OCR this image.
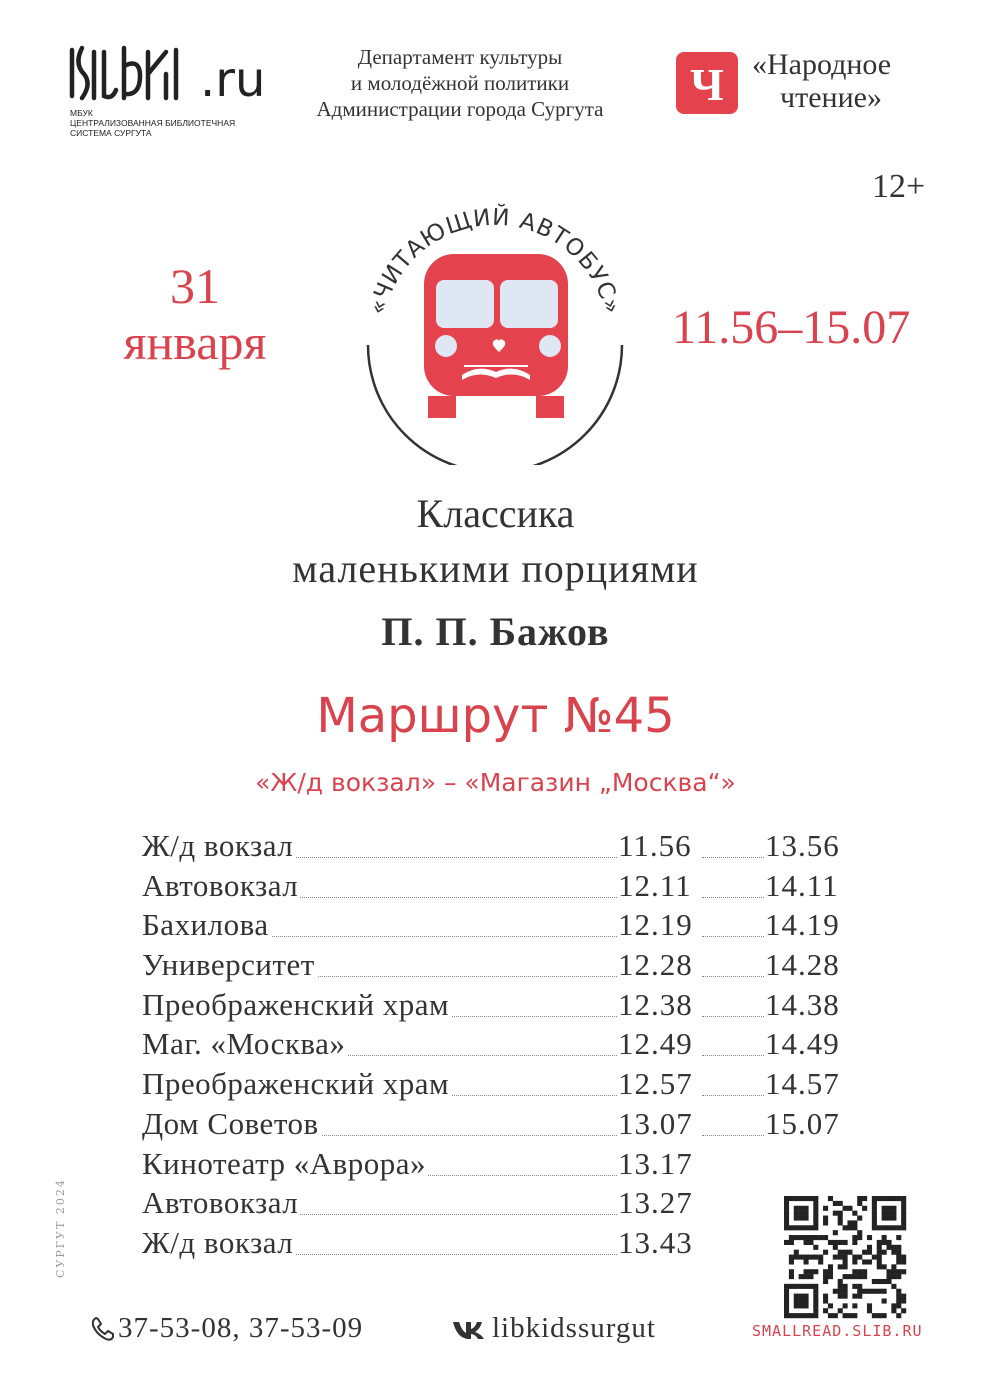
.ru
МБУК
ЦЕНТРАЛИЗОВАННАЯ БИБЛИОТЕЧНАЯ
СИСТЕМА СУРГУТА
Департамент культуры
и молодёжной политики
Администрации города Сургута	Ч «Народное
чтение»
12+
31
января	11.56–15.07
«ЧИТАЮЩИЙ АВТОБУС»
Классика
маленькими порциями
П. П. Бажов
Маршрут №45
«Ж/д вокзал» – «Магазин „Москва“»
Ж/д вокзал	11.56 13.56
Автовокзал	12.11 14.11
Бахилова	12.19 14.19
Университет	12.28 14.28
Преображенский храм	12.38 14.38
Маг. «Москва»	12.49 14.49
Преображенский храм	12.57 14.57
Дом Советов	13.07 15.07
Кинотеатр «Аврора»	13.17
Автовокзал	13.27
Ж/д вокзал	13.43
СУРГУТ 2024
SMALLREAD.SLIB.RU
37-53-08, 37-53-09	libkidssurgut
